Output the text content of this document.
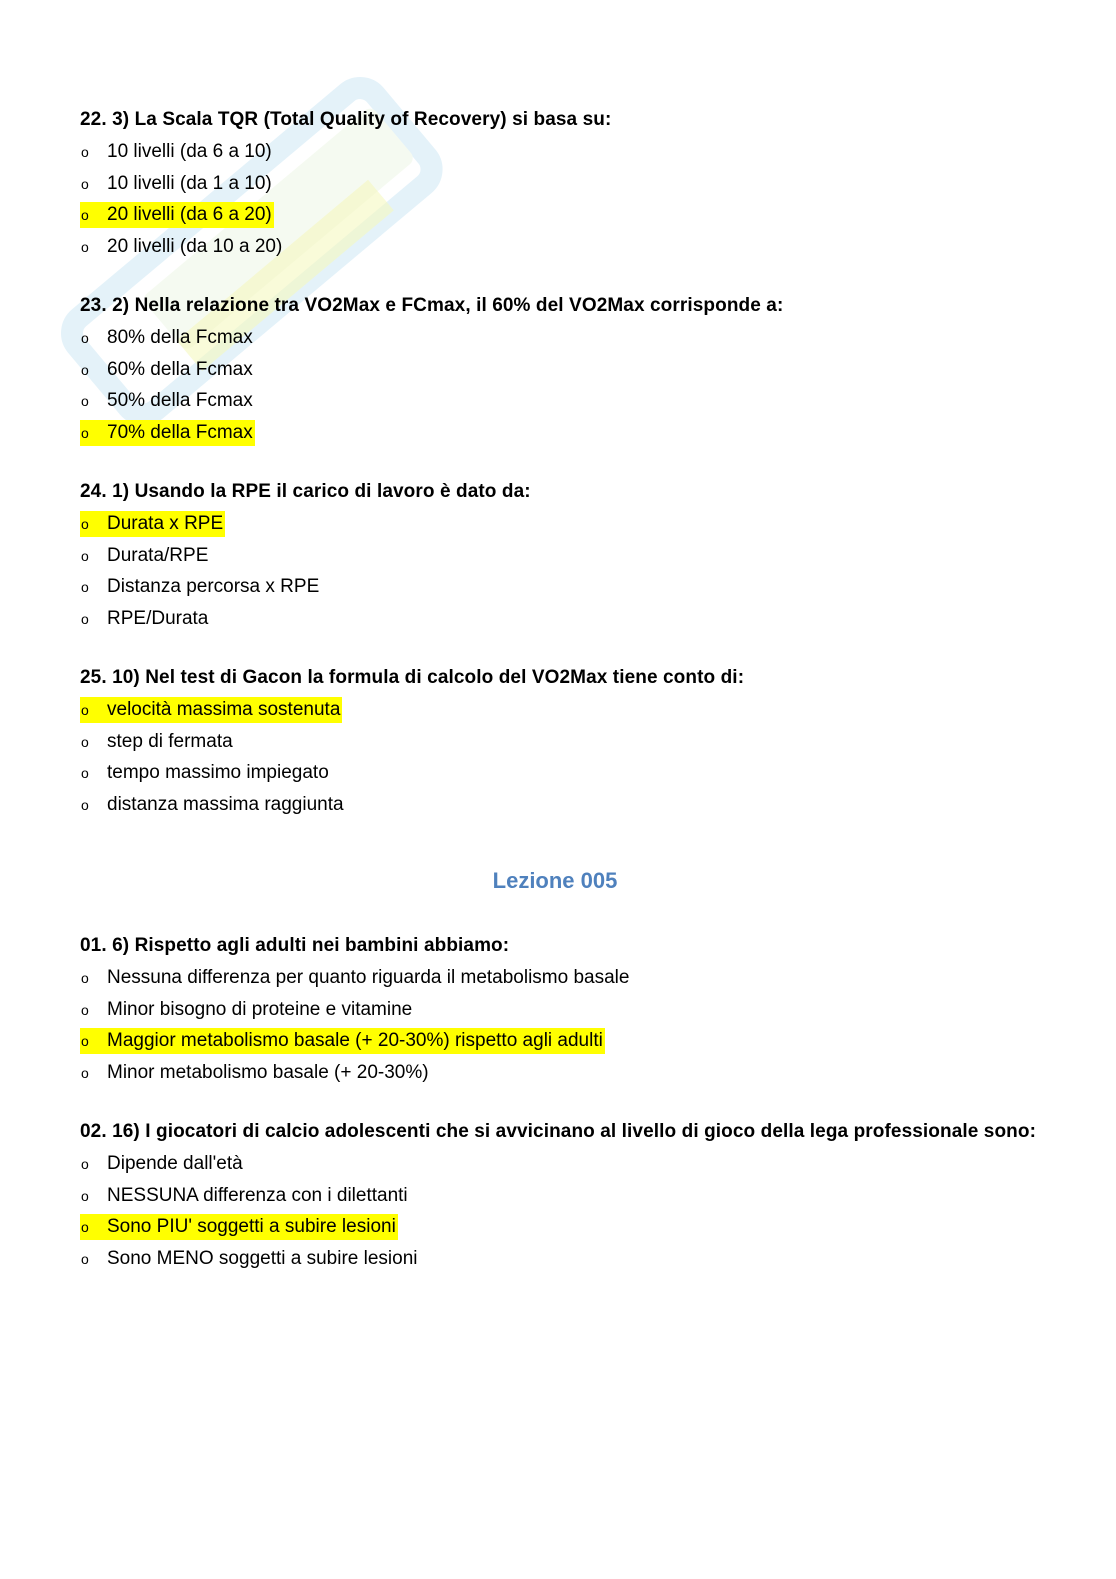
22. 3) La Scala TQR (Total Quality of Recovery) si basa su:
o 10 livelli (da 6 a 10)
o 10 livelli (da 1 a 10)
o 20 livelli (da 6 a 20)
o 20 livelli (da 10 a 20)
23. 2) Nella relazione tra VO2Max e FCmax, il 60% del VO2Max corrisponde a:
o 80% della Fcmax
o 60% della Fcmax
o 50% della Fcmax
o 70% della Fcmax
24. 1) Usando la RPE il carico di lavoro è dato da:
o Durata x RPE
o Durata/RPE
o Distanza percorsa x RPE
o RPE/Durata
25. 10) Nel test di Gacon la formula di calcolo del VO2Max tiene conto di:
o velocità massima sostenuta
o step di fermata
o tempo massimo impiegato
o distanza massima raggiunta
Lezione 005
01. 6) Rispetto agli adulti nei bambini abbiamo:
o Nessuna differenza per quanto riguarda il metabolismo basale
o Minor bisogno di proteine e vitamine
o Maggior metabolismo basale (+ 20-30%) rispetto agli adulti
o Minor metabolismo basale (+ 20-30%)
02. 16) I giocatori di calcio adolescenti che si avvicinano al livello di gioco della lega professionale sono:
o Dipende dall'età
o NESSUNA differenza con i dilettanti
o Sono PIU' soggetti a subire lesioni
o Sono MENO soggetti a subire lesioni
